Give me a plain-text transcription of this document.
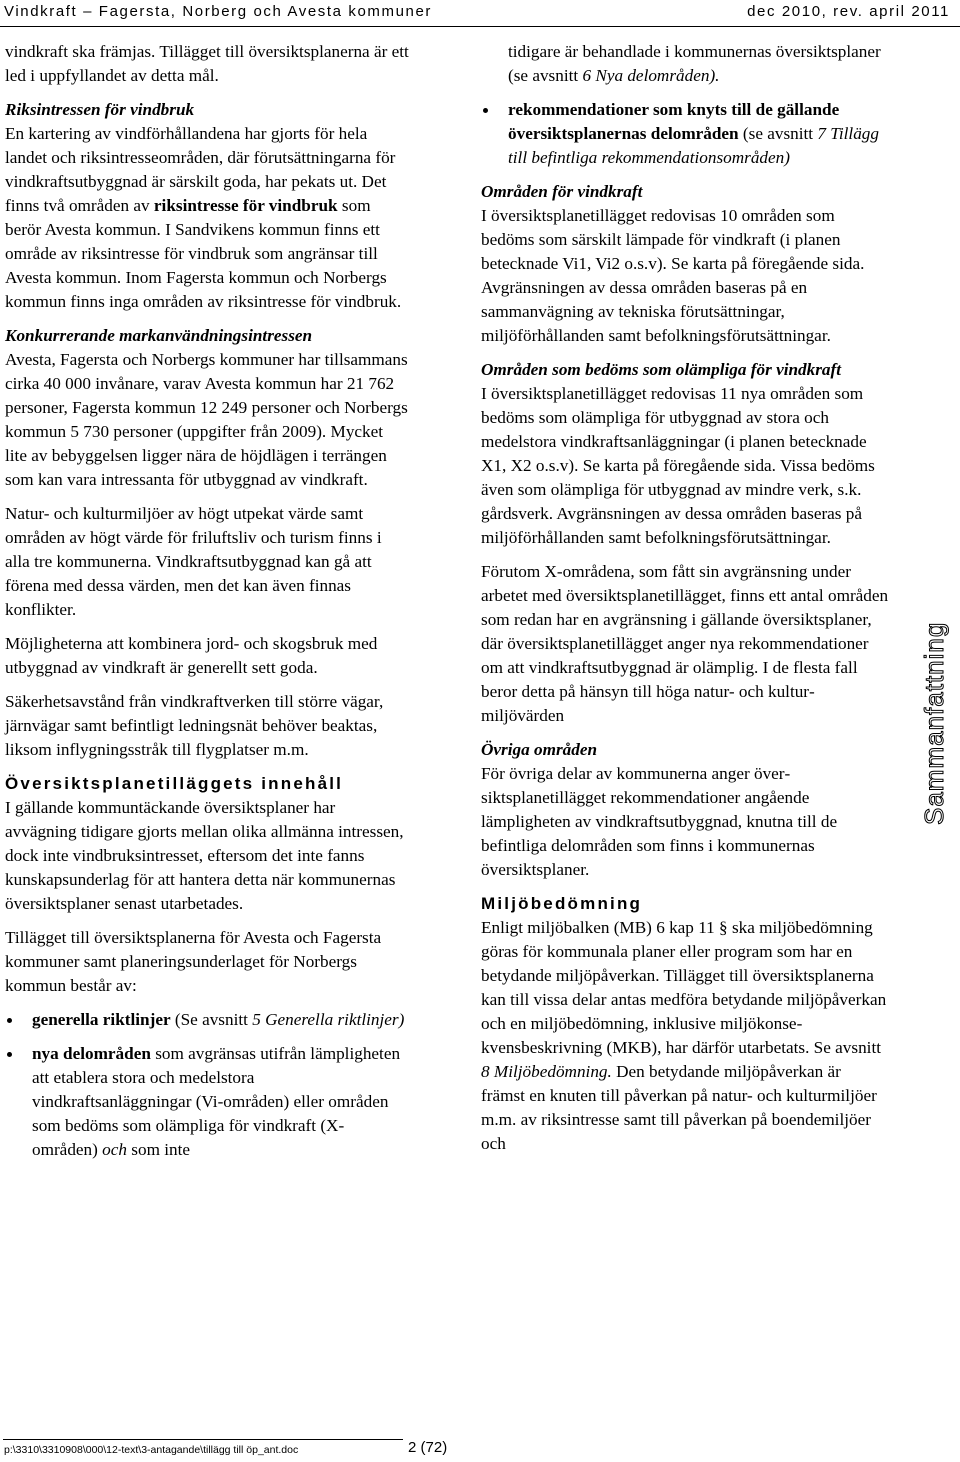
Vindkraft – Fagersta, Norberg och Avesta kommuner	dec 2010, rev. april 2011

vindkraft ska främjas. Tillägget till översiktsplanerna är ett led i uppfyllandet av detta mål.

Riksintressen för vindbruk

En kartering av vindförhållandena har gjorts för hela landet och riksintresseområden, där förutsättningarna för vindkraftsutbyggnad är särskilt goda, har pekats ut. Det finns två områden av riksintresse för vindbruk som berör Avesta kommun. I Sandvikens kommun finns ett område av riksintresse för vindbruk som angränsar till Avesta kommun. Inom Fagersta kommun och Norbergs kommun finns inga områden av riksintresse för vindbruk.

Konkurrerande markanvändningsintressen

Avesta, Fagersta och Norbergs kommuner har tillsammans cirka 40 000 invånare, varav Avesta kommun har 21 762 personer, Fagersta kommun 12 249 personer och Norbergs kommun 5 730 personer (uppgifter från 2009). Mycket lite av bebyggelsen ligger nära de höjdlägen i terrängen som kan vara intressanta för utbyggnad av vindkraft.

Natur- och kulturmiljöer av högt utpekat värde samt områden av högt värde för friluftsliv och turism finns i alla tre kommunerna. Vindkraftsutbyggnad kan gå att förena med dessa värden, men det kan även finnas konflikter.

Möjligheterna att kombinera jord- och skogsbruk med utbyggnad av vindkraft är generellt sett goda.

Säkerhetsavstånd från vindkraftverken till större vägar, järnvägar samt befintligt ledningsnät behöver beaktas, liksom inflygningsstråk till flygplatser m.m.

Översiktsplanetilläggets innehåll

I gällande kommuntäckande översiktsplaner har avvägning tidigare gjorts mellan olika allmänna intressen, dock inte vindbruksintresset, eftersom det inte fanns kunskapsunderlag för att hantera detta när kommunernas översiktsplaner senast utarbetades.

Tillägget till översiktsplanerna för Avesta och Fagersta kommuner samt planeringsunderlaget för Norbergs kommun består av:

generella riktlinjer (Se avsnitt 5 Generella riktlinjer)
nya delområden som avgränsas utifrån lämpligheten att etablera stora och medelstora vindkraftsanläggningar (Vi-områden) eller områden som bedöms som olämpliga för vindkraft (X-områden) och som inte

tidigare är behandlade i kommunernas översiktsplaner (se avsnitt 6 Nya delområden).

rekommendationer som knyts till de gällande översiktsplanernas delområden (se avsnitt 7 Tillägg till befintliga rekommendationsområden)
Områden för vindkraft

I översiktsplanetillägget redovisas 10 områden som bedöms som särskilt lämpade för vindkraft (i planen betecknade Vi1, Vi2 o.s.v). Se karta på föregående sida. Avgränsningen av dessa områden baseras på en sammanvägning av tekniska förutsättningar, miljöförhållanden samt befolkningsförutsättningar.

Områden som bedöms som olämpliga för vindkraft

I översiktsplanetillägget redovisas 11 nya områden som bedöms som olämpliga för utbyggnad av stora och medelstora vindkraftsanläggningar (i planen betecknade X1, X2 o.s.v). Se karta på föregående sida. Vissa bedöms även som olämpliga för utbyggnad av mindre verk, s.k. gårdsverk. Avgränsningen av dessa områden baseras på miljöförhållanden samt befolkningsförutsättningar.

Förutom X-områdena, som fått sin avgränsning under arbetet med översiktsplanetillägget, finns ett antal områden som redan har en avgränsning i gällande översiktsplaner, där översiktsplanetillägget anger nya rekommendationer om att vindkraftsutbyggnad är olämplig. I de flesta fall beror detta på hänsyn till höga natur- och kulturmiljövärden

Övriga områden

För övriga delar av kommunerna anger översiktsplanetillägget rekommendationer angående lämpligheten av vindkraftsutbyggnad, knutna till de befintliga delområden som finns i kommunernas översiktsplaner.

Miljöbedömning

Enligt miljöbalken (MB) 6 kap 11 § ska miljöbedömning göras för kommunala planer eller program som har en betydande miljöpåverkan. Tillägget till översiktsplanerna kan till vissa delar antas medföra betydande miljöpåverkan och en miljöbedömning, inklusive miljökonsekvensbeskrivning (MKB), har därför utarbetats. Se avsnitt 8 Miljöbedömning. Den betydande miljöpåverkan är främst en knuten till påverkan på natur- och kulturmiljöer m.m. av riksintresse samt till påverkan på boendemiljöer och

Sammanfattning
p:\3310\3310908\000\12-text\3-antagande\tillägg till öp_ant.doc	2 (72)
